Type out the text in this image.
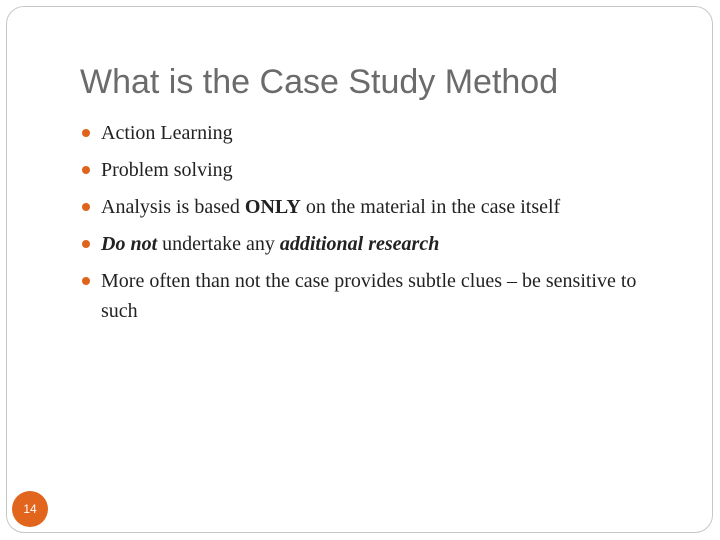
What is the Case Study Method
Action Learning
Problem solving
Analysis is based ONLY on the material in the case itself
Do not undertake any additional research
More often than not the case provides subtle clues – be sensitive to such
14
